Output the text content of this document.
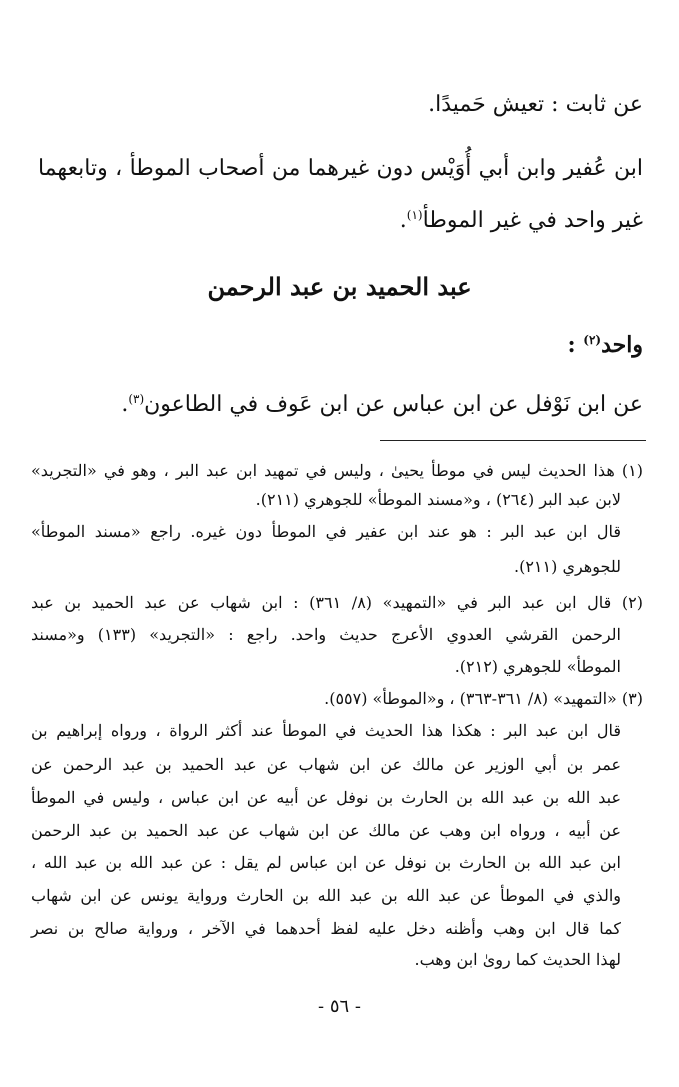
عن ثابت : تعيش حَميدًا.
ابن عُفير وابن أبي أُوَيْس دون غيرهما من أصحاب الموطأ ، وتابعهما
غير واحد في غير الموطأ$^{(١)}$.
عبد الحميد بن عبد الرحمن
واحد$^{(٢)}$ :
عن ابن نَوْفل عن ابن عباس عن ابن عَوف في الطاعون$^{(٣)}$.
(١) هذا الحديث ليس في موطأ يحيىٰ ، وليس في تمهيد ابن عبد البر ، وهو في «التجريد»
لابن عبد البر (٢٦٤) ، و«مسند الموطأ» للجوهري (٢١١).
قال ابن عبد البر : هو عند ابن عفير في الموطأ دون غيره. راجع «مسند الموطأ»
للجوهري (٢١١).
(٢) قال ابن عبد البر في «التمهيد» (٨/ ٣٦١) : ابن شهاب عن عبد الحميد بن عبد
الرحمن القرشي العدوي الأعرج حديث واحد. راجع : «التجريد» (١٣٣) و«مسند
الموطأ» للجوهري (٢١٢).
(٣) «التمهيد» (٨/ ٣٦١-٣٦٣) ، و«الموطأ» (٥٥٧).
قال ابن عبد البر : هكذا هذا الحديث في الموطأ عند أكثر الرواة ، ورواه إبراهيم بن
عمر بن أبي الوزير عن مالك عن ابن شهاب عن عبد الحميد بن عبد الرحمن عن
عبد الله بن عبد الله بن الحارث بن نوفل عن أبيه عن ابن عباس ، وليس في الموطأ
عن أبيه ، ورواه ابن وهب عن مالك عن ابن شهاب عن عبد الحميد بن عبد الرحمن
ابن عبد الله بن الحارث بن نوفل عن ابن عباس لم يقل : عن عبد الله بن عبد الله ،
والذي في الموطأ عن عبد الله بن عبد الله بن الحارث ورواية يونس عن ابن شهاب
كما قال ابن وهب وأظنه دخل عليه لفظ أحدهما في الآخر ، ورواية صالح بن نصر
لهذا الحديث كما روىٰ ابن وهب.
- ٥٦ -
